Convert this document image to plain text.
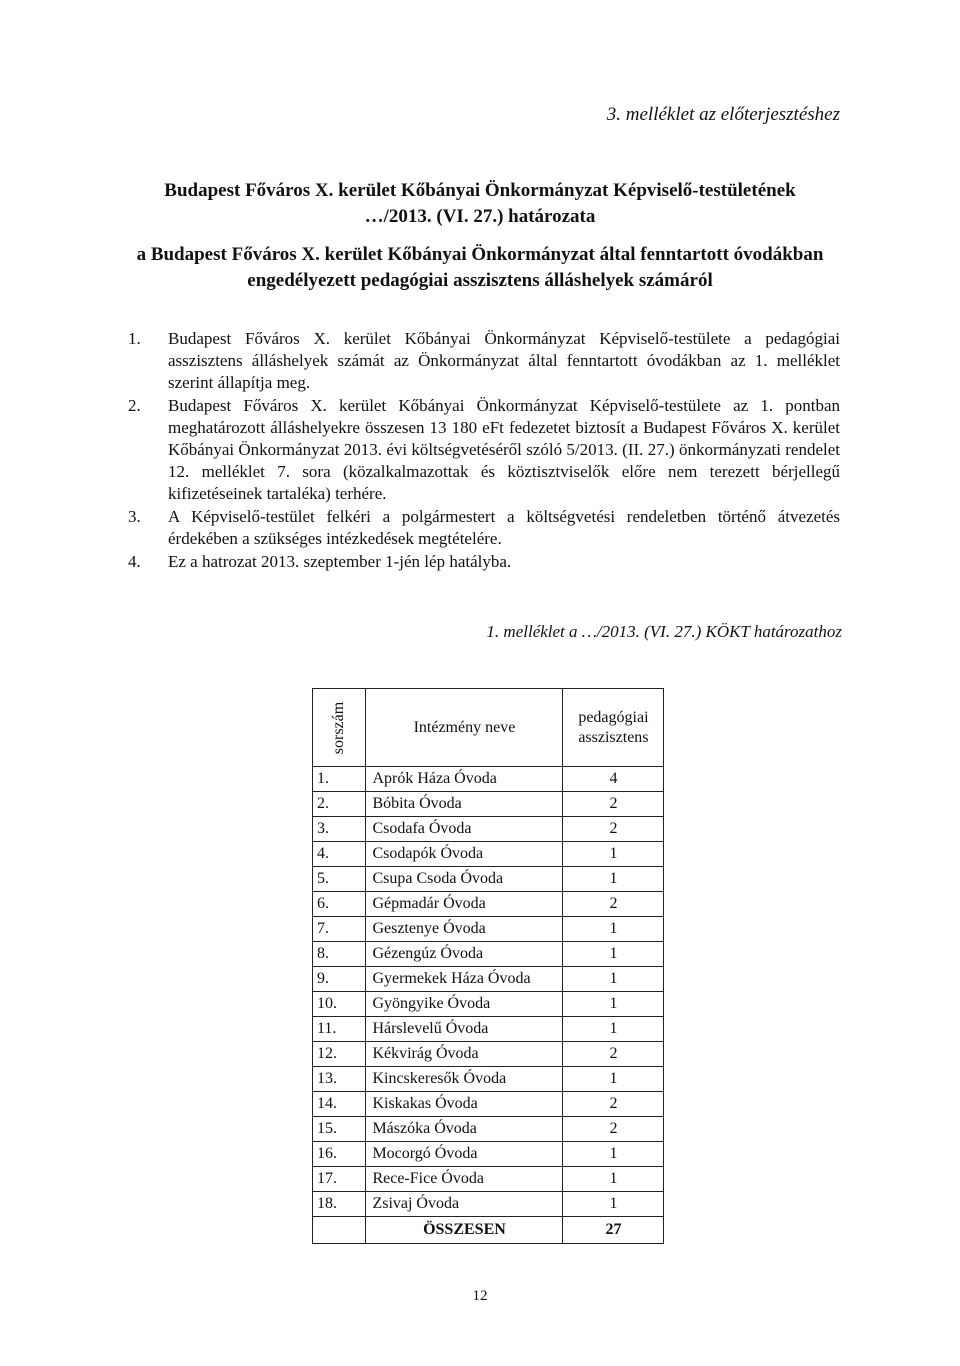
3. melléklet az előterjesztéshez
Budapest Főváros X. kerület Kőbányai Önkormányzat Képviselő-testületének
…/2013. (VI. 27.) határozata
a Budapest Főváros X. kerület Kőbányai Önkormányzat által fenntartott óvodákban
engedélyezett pedagógiai asszisztens álláshelyek számáról
1.	Budapest Főváros X. kerület Kőbányai Önkormányzat Képviselő-testülete a pedagógiai asszisztens álláshelyek számát az Önkormányzat által fenntartott óvodákban az 1. melléklet szerint állapítja meg.
2.	Budapest Főváros X. kerület Kőbányai Önkormányzat Képviselő-testülete az 1. pontban meghatározott álláshelyekre összesen 13 180 eFt fedezetet biztosít a Budapest Főváros X. kerület Kőbányai Önkormányzat 2013. évi költségvetéséről szóló 5/2013. (II. 27.) önkormányzati rendelet 12. melléklet 7. sora (közalkalmazottak és köztisztviselők előre nem terezett bérjellegű kifizetéseinek tartaléka) terhére.
3.	A Képviselő-testület felkéri a polgármestert a költségvetési rendeletben történő átvezetés érdekében a szükséges intézkedések megtételére.
4.	Ez a hatrozat 2013. szeptember 1-jén lép hatályba.
1. melléklet a …/2013. (VI. 27.) KÖKT határozathoz
sorszám	Intézmény neve	pedagógiai asszisztens
1.	Aprók Háza Óvoda	4
2.	Bóbita Óvoda	2
3.	Csodafa Óvoda	2
4.	Csodapók Óvoda	1
5.	Csupa Csoda Óvoda	1
6.	Gépmadár Óvoda	2
7.	Gesztenye Óvoda	1
8.	Gézengúz Óvoda	1
9.	Gyermekek Háza Óvoda	1
10.	Gyöngyike Óvoda	1
11.	Hárslevelű Óvoda	1
12.	Kékvirág Óvoda	2
13.	Kincskeresők Óvoda	1
14.	Kiskakas Óvoda	2
15.	Mászóka Óvoda	2
16.	Mocorgó Óvoda	1
17.	Rece-Fice Óvoda	1
18.	Zsivaj Óvoda	1
	ÖSSZESEN	27
12
